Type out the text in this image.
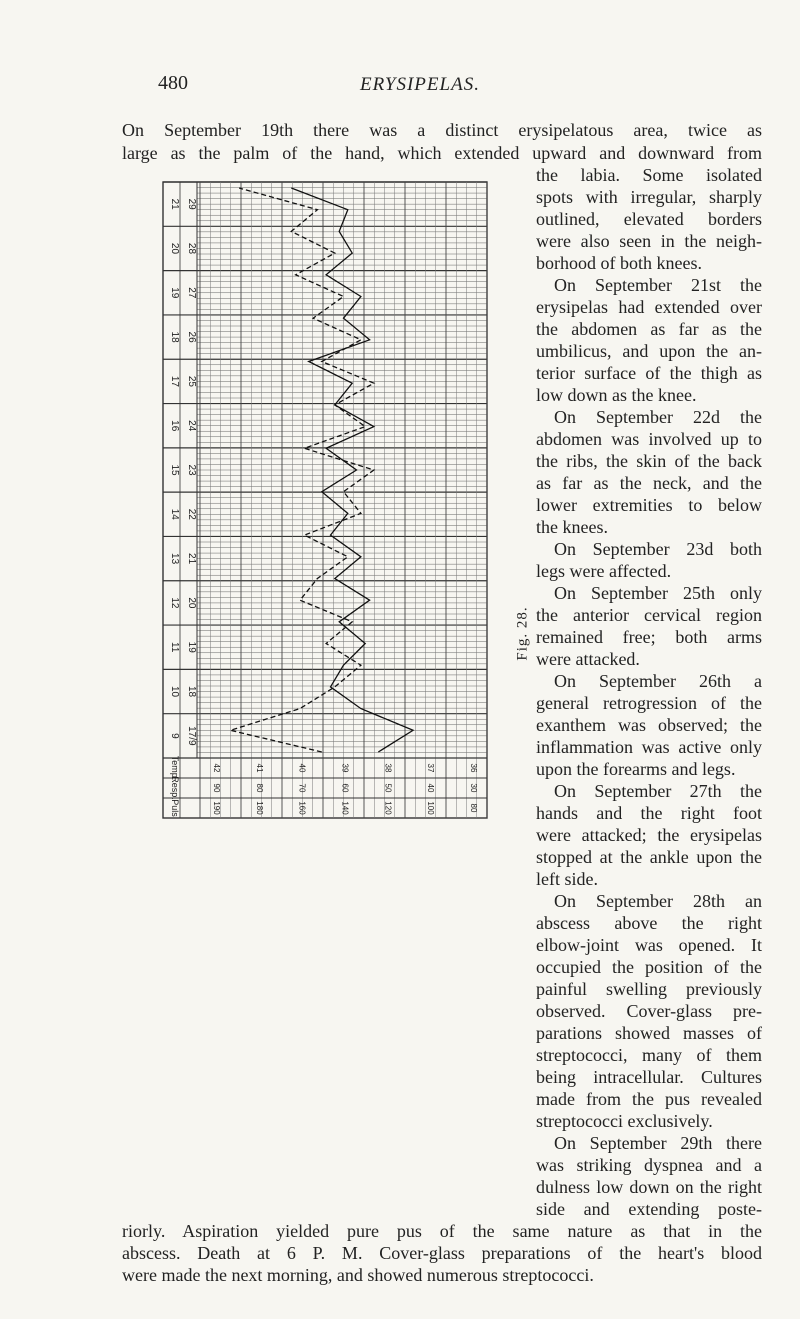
480	ERYSIPELAS.
On September 19th there was a distinct erysipelatous area, twice as
large as the palm of the hand, which extended upward and downward from
the labia. Some isolated
spots with irregular, sharply
outlined, elevated borders
were also seen in the neigh-
borhood of both knees.
On September 21st the
erysipelas had extended over
the abdomen as far as the
umbilicus, and upon the an-
terior surface of the thigh as
low down as the knee.
On September 22d the
abdomen was involved up to
the ribs, the skin of the back
as far as the neck, and the
lower extremities to below
the knees.
On September 23d both
legs were affected.
On September 25th only
the anterior cervical region
remained free; both arms
were attacked.
On September 26th a
general retrogression of the
exanthem was observed; the
inflammation was active only
upon the forearms and legs.
On September 27th the
hands and the right foot
were attacked; the erysipelas
stopped at the ankle upon the
left side.
On September 28th an
abscess above the right
elbow-joint was opened. It
occupied the position of the
painful swelling previously
observed. Cover-glass pre-
parations showed masses of
streptococci, many of them
being intracellular. Cultures
made from the pus revealed
streptococci exclusively.
On September 29th there
was striking dyspnea and a
dulness low down on the right
side and extending poste-
riorly. Aspiration yielded pure pus of the same nature as that in the
abscess. Death at 6 P. M. Cover-glass preparations of the heart's blood
were made the next morning, and showed numerous streptococci.
Fig. 28.
9 17/9
10 18
11 19
12 20
13 21
14 22
15 23
16 24
17 25
18 26
19 27
20 28
21 29
Temp.	42	41	40	39	38	37	36
Resp.	90	80	70	60	50	40	30
Puls	190	180	160	140	120	100	80
